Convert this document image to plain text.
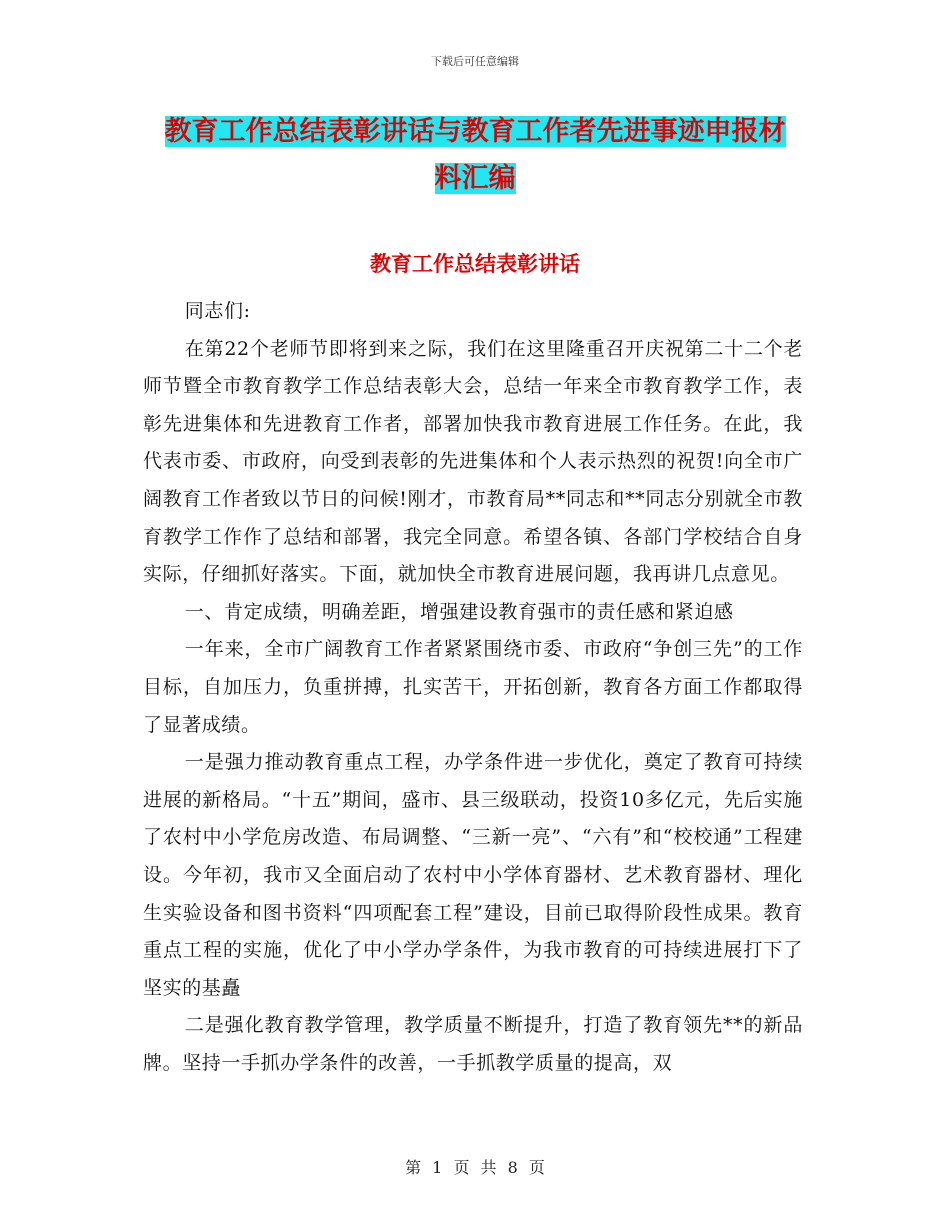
下载后可任意编辑
教育工作总结表彰讲话与教育工作者先进事迹申报材
料汇编
教育工作总结表彰讲话

同志们:

在第22个老师节即将到来之际，我们在这里隆重召开庆祝第二十二个老师节暨全市教育教学工作总结表彰大会，总结一年来全市教育教学工作，表彰先进集体和先进教育工作者，部署加快我市教育进展工作任务。在此，我代表市委、市政府，向受到表彰的先进集体和个人表示热烈的祝贺!向全市广阔教育工作者致以节日的问候!刚才，市教育局**同志和**同志分别就全市教育教学工作作了总结和部署，我完全同意。希望各镇、各部门学校结合自身实际，仔细抓好落实。下面，就加快全市教育进展问题，我再讲几点意见。

一、肯定成绩，明确差距，增强建设教育强市的责任感和紧迫感

一年来，全市广阔教育工作者紧紧围绕市委、市政府“争创三先”的工作目标，自加压力，负重拼搏，扎实苦干，开拓创新，教育各方面工作都取得了显著成绩。

一是强力推动教育重点工程，办学条件进一步优化，奠定了教育可持续进展的新格局。“十五”期间，盛市、县三级联动，投资10多亿元，先后实施了农村中小学危房改造、布局调整、“三新一亮”、“六有”和“校校通”工程建设。今年初，我市又全面启动了农村中小学体育器材、艺术教育器材、理化生实验设备和图书资料“四项配套工程”建设，目前已取得阶段性成果。教育重点工程的实施，优化了中小学办学条件，为我市教育的可持续进展打下了坚实的基矗

二是强化教育教学管理，教学质量不断提升，打造了教育领先**的新品牌。坚持一手抓办学条件的改善，一手抓教学质量的提高，双

第 1 页 共 8 页
